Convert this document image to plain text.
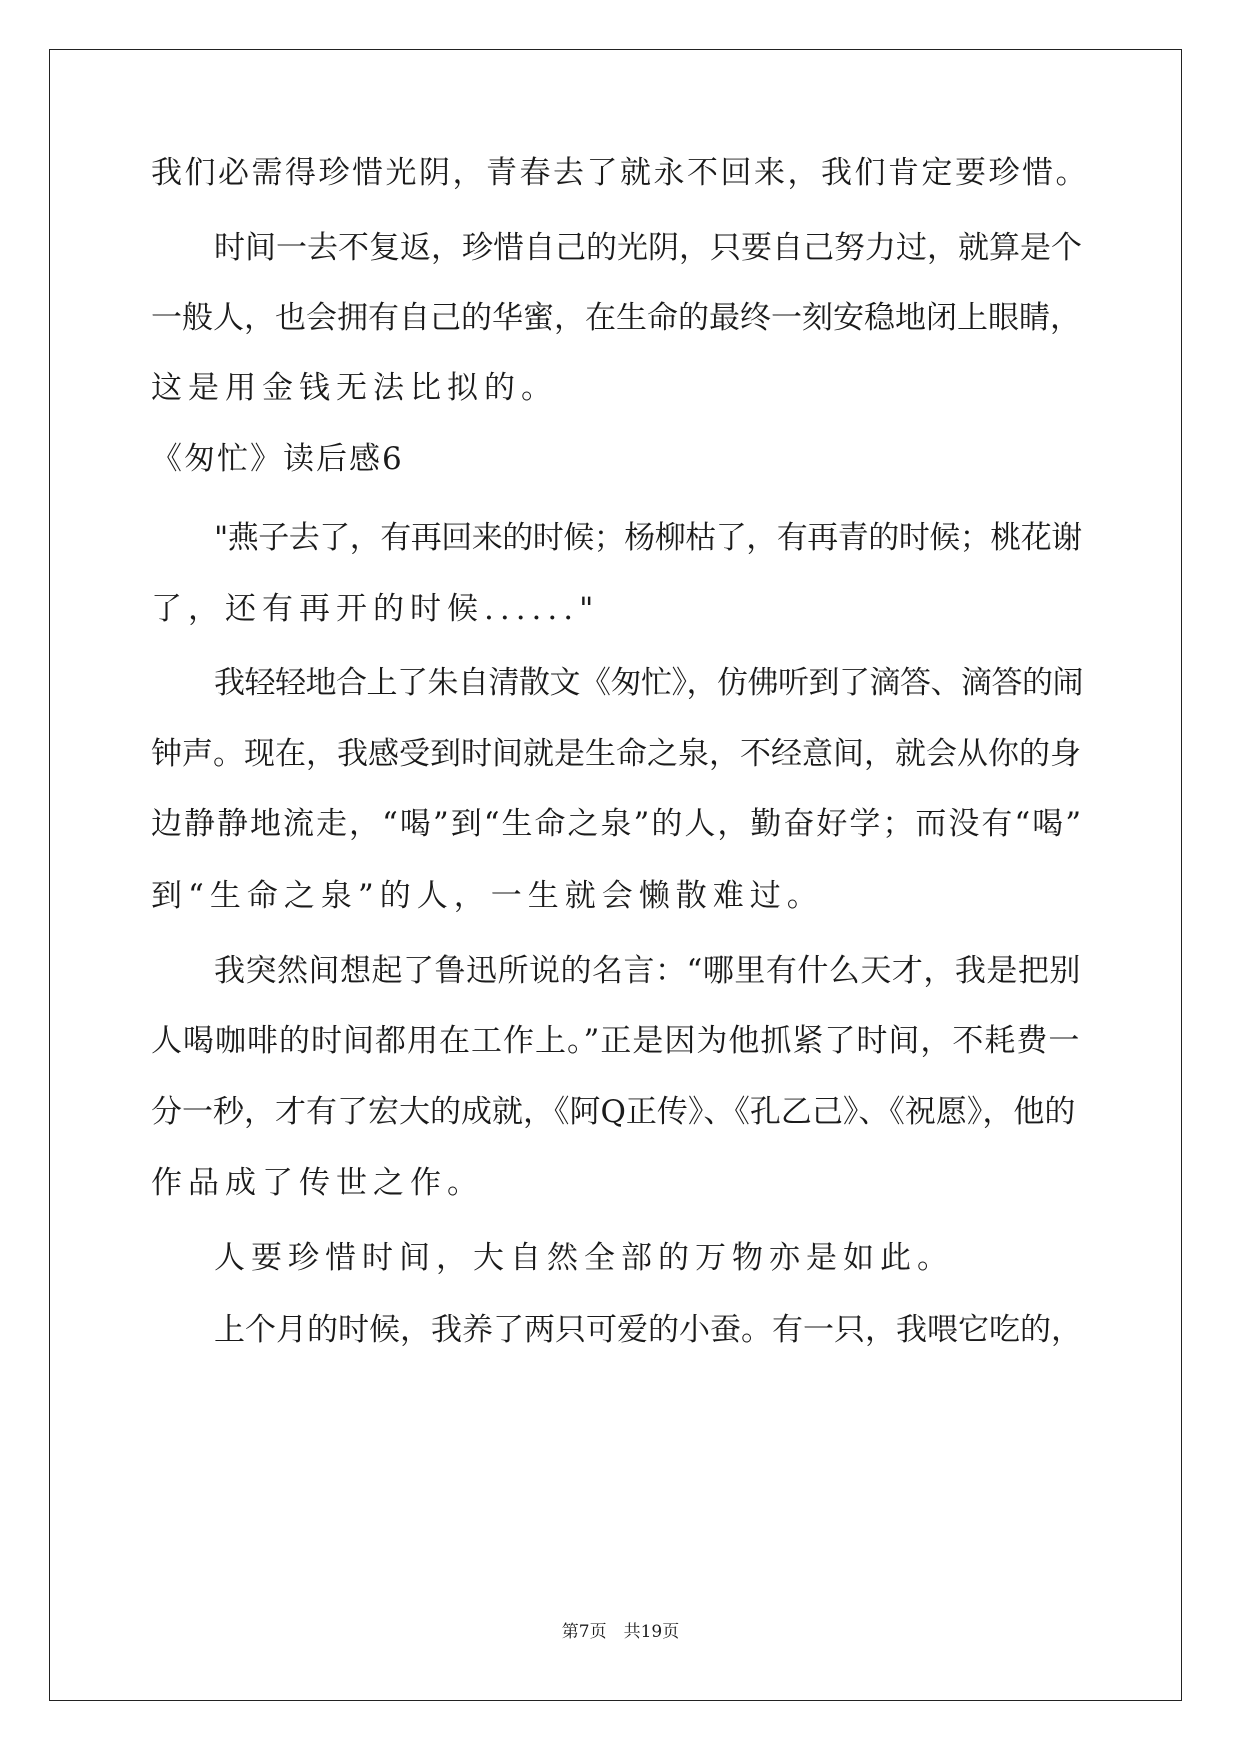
我们必需得珍惜光阴，青春去了就永不回来，我们肯定要珍惜。
时间一去不复返，珍惜自己的光阴，只要自己努力过，就算是个
一般人，也会拥有自己的华蜜，在生命的最终一刻安稳地闭上眼睛，
这是用金钱无法比拟的。
《匆忙》读后感6
"燕子去了，有再回来的时候；杨柳枯了，有再青的时候；桃花谢
了，还有再开的时候......"
我轻轻地合上了朱自清散文《匆忙》，仿佛听到了滴答、滴答的闹
钟声。现在，我感受到时间就是生命之泉，不经意间，就会从你的身
边静静地流走，“喝”到“生命之泉”的人，勤奋好学；而没有“喝”
到“生命之泉”的人，一生就会懒散难过。
我突然间想起了鲁迅所说的名言：“哪里有什么天才，我是把别
人喝咖啡的时间都用在工作上。”正是因为他抓紧了时间，不耗费一
分一秒，才有了宏大的成就，《阿Q正传》、《孔乙己》、《祝愿》，他的
作品成了传世之作。
人要珍惜时间，大自然全部的万物亦是如此。
上个月的时候，我养了两只可爱的小蚕。有一只，我喂它吃的，
第7页　共19页
